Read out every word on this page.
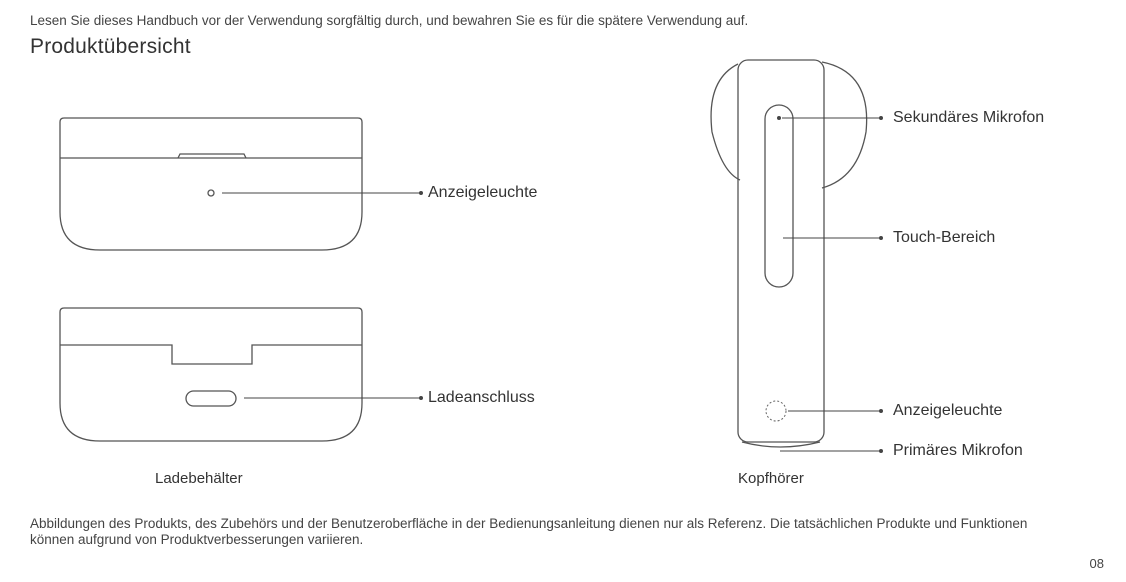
Lesen Sie dieses Handbuch vor der Verwendung sorgfältig durch, und bewahren Sie es für die spätere Verwendung auf.
Produktübersicht
Anzeigeleuchte
Ladeanschluss
Ladebehälter
Sekundäres Mikrofon
Touch-Bereich
Anzeigeleuchte
Primäres Mikrofon
Kopfhörer
Abbildungen des Produkts, des Zubehörs und der Benutzeroberfläche in der Bedienungsanleitung dienen nur als Referenz. Die tatsächlichen Produkte und Funktionen können aufgrund von Produktverbesserungen variieren.
08
